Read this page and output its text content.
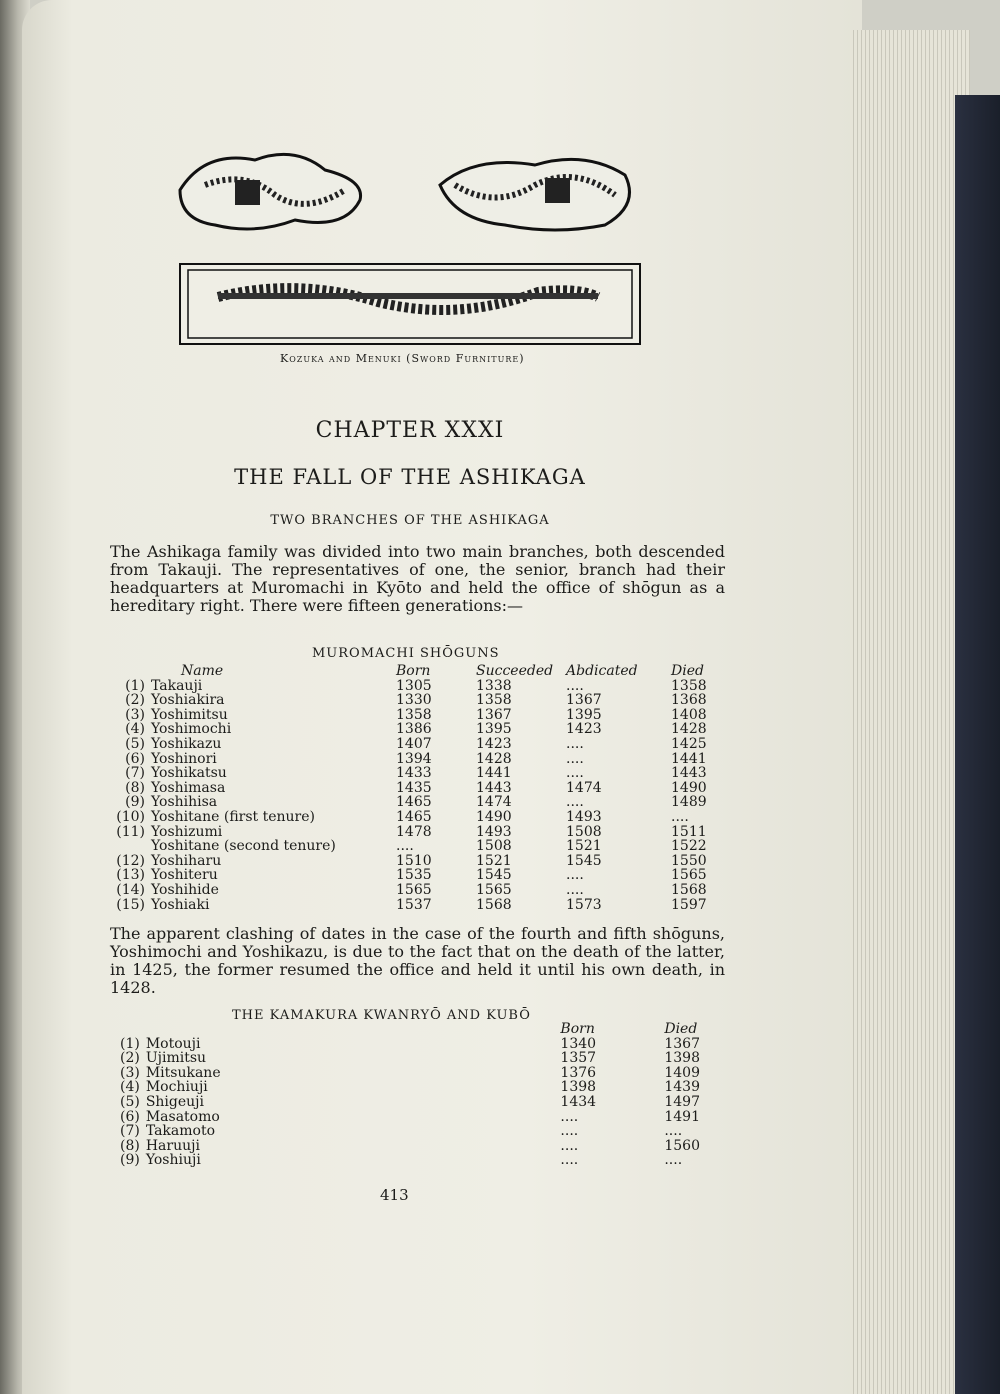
Kozuka and Menuki (Sword Furniture)
CHAPTER XXXI
THE FALL OF THE ASHIKAGA
TWO BRANCHES OF THE ASHIKAGA
The Ashikaga family was divided into two main branches, both descended from Takauji. The representatives of one, the senior, branch had their headquarters at Muromachi in Kyōto and held the office of shōgun as a hereditary right. There were fifteen generations:—
MUROMACHI SHŌGUNS
	Name	Born	Succeeded	Abdicated	Died
(1)	Takauji	1305	1338	....	1358
(2)	Yoshiakira	1330	1358	1367	1368
(3)	Yoshimitsu	1358	1367	1395	1408
(4)	Yoshimochi	1386	1395	1423	1428
(5)	Yoshikazu	1407	1423	....	1425
(6)	Yoshinori	1394	1428	....	1441
(7)	Yoshikatsu	1433	1441	....	1443
(8)	Yoshimasa	1435	1443	1474	1490
(9)	Yoshihisa	1465	1474	....	1489
(10)	Yoshitane (first tenure)	1465	1490	1493	....
(11)	Yoshizumi	1478	1493	1508	1511
	Yoshitane (second tenure)	....	1508	1521	1522
(12)	Yoshiharu	1510	1521	1545	1550
(13)	Yoshiteru	1535	1545	....	1565
(14)	Yoshihide	1565	1565	....	1568
(15)	Yoshiaki	1537	1568	1573	1597
The apparent clashing of dates in the case of the fourth and fifth shōguns, Yoshimochi and Yoshikazu, is due to the fact that on the death of the latter, in 1425, the former resumed the office and held it until his own death, in 1428.
THE KAMAKURA KWANRYŌ AND KUBŌ
		Born	Died
(1)	Motouji	1340	1367
(2)	Ujimitsu	1357	1398
(3)	Mitsukane	1376	1409
(4)	Mochiuji	1398	1439
(5)	Shigeuji	1434	1497
(6)	Masatomo	....	1491
(7)	Takamoto	....	....
(8)	Haruuji	....	1560
(9)	Yoshiuji	....	....
413
